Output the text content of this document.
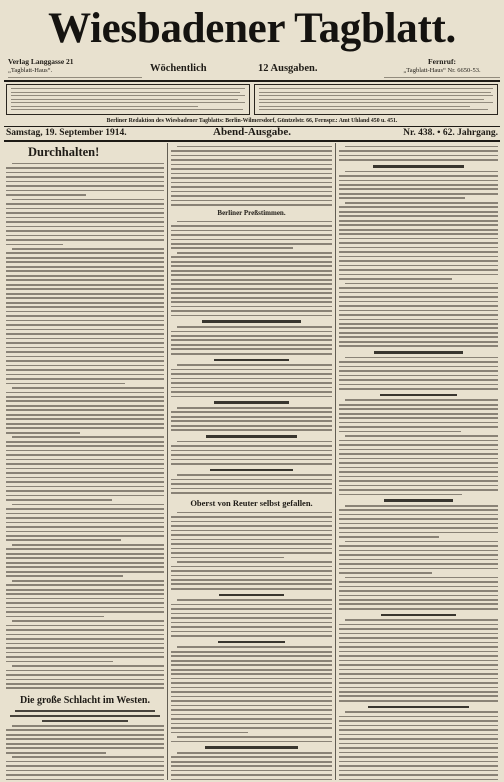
Wiesbadener Tagblatt.
Verlag Langgasse 21
„Tagblatt-Haus“.	Wöchentlich	12 Ausgaben.
Fernruf:
„Tagblatt-Haus“ Nr. 6650-53.
Berliner Redaktion des Wiesbadener Tagblatts: Berlin-Wilmersdorf, Güntzelstr. 66, Fernspr.: Amt Uhland 450 u. 451.
Samstag, 19. September 1914.	Abend-Ausgabe.	Nr. 438. • 62. Jahrgang.
Durchhalten!
Die große Schlacht im Westen.
Berliner Preßstimmen.
Oberst von Reuter selbst gefallen.
